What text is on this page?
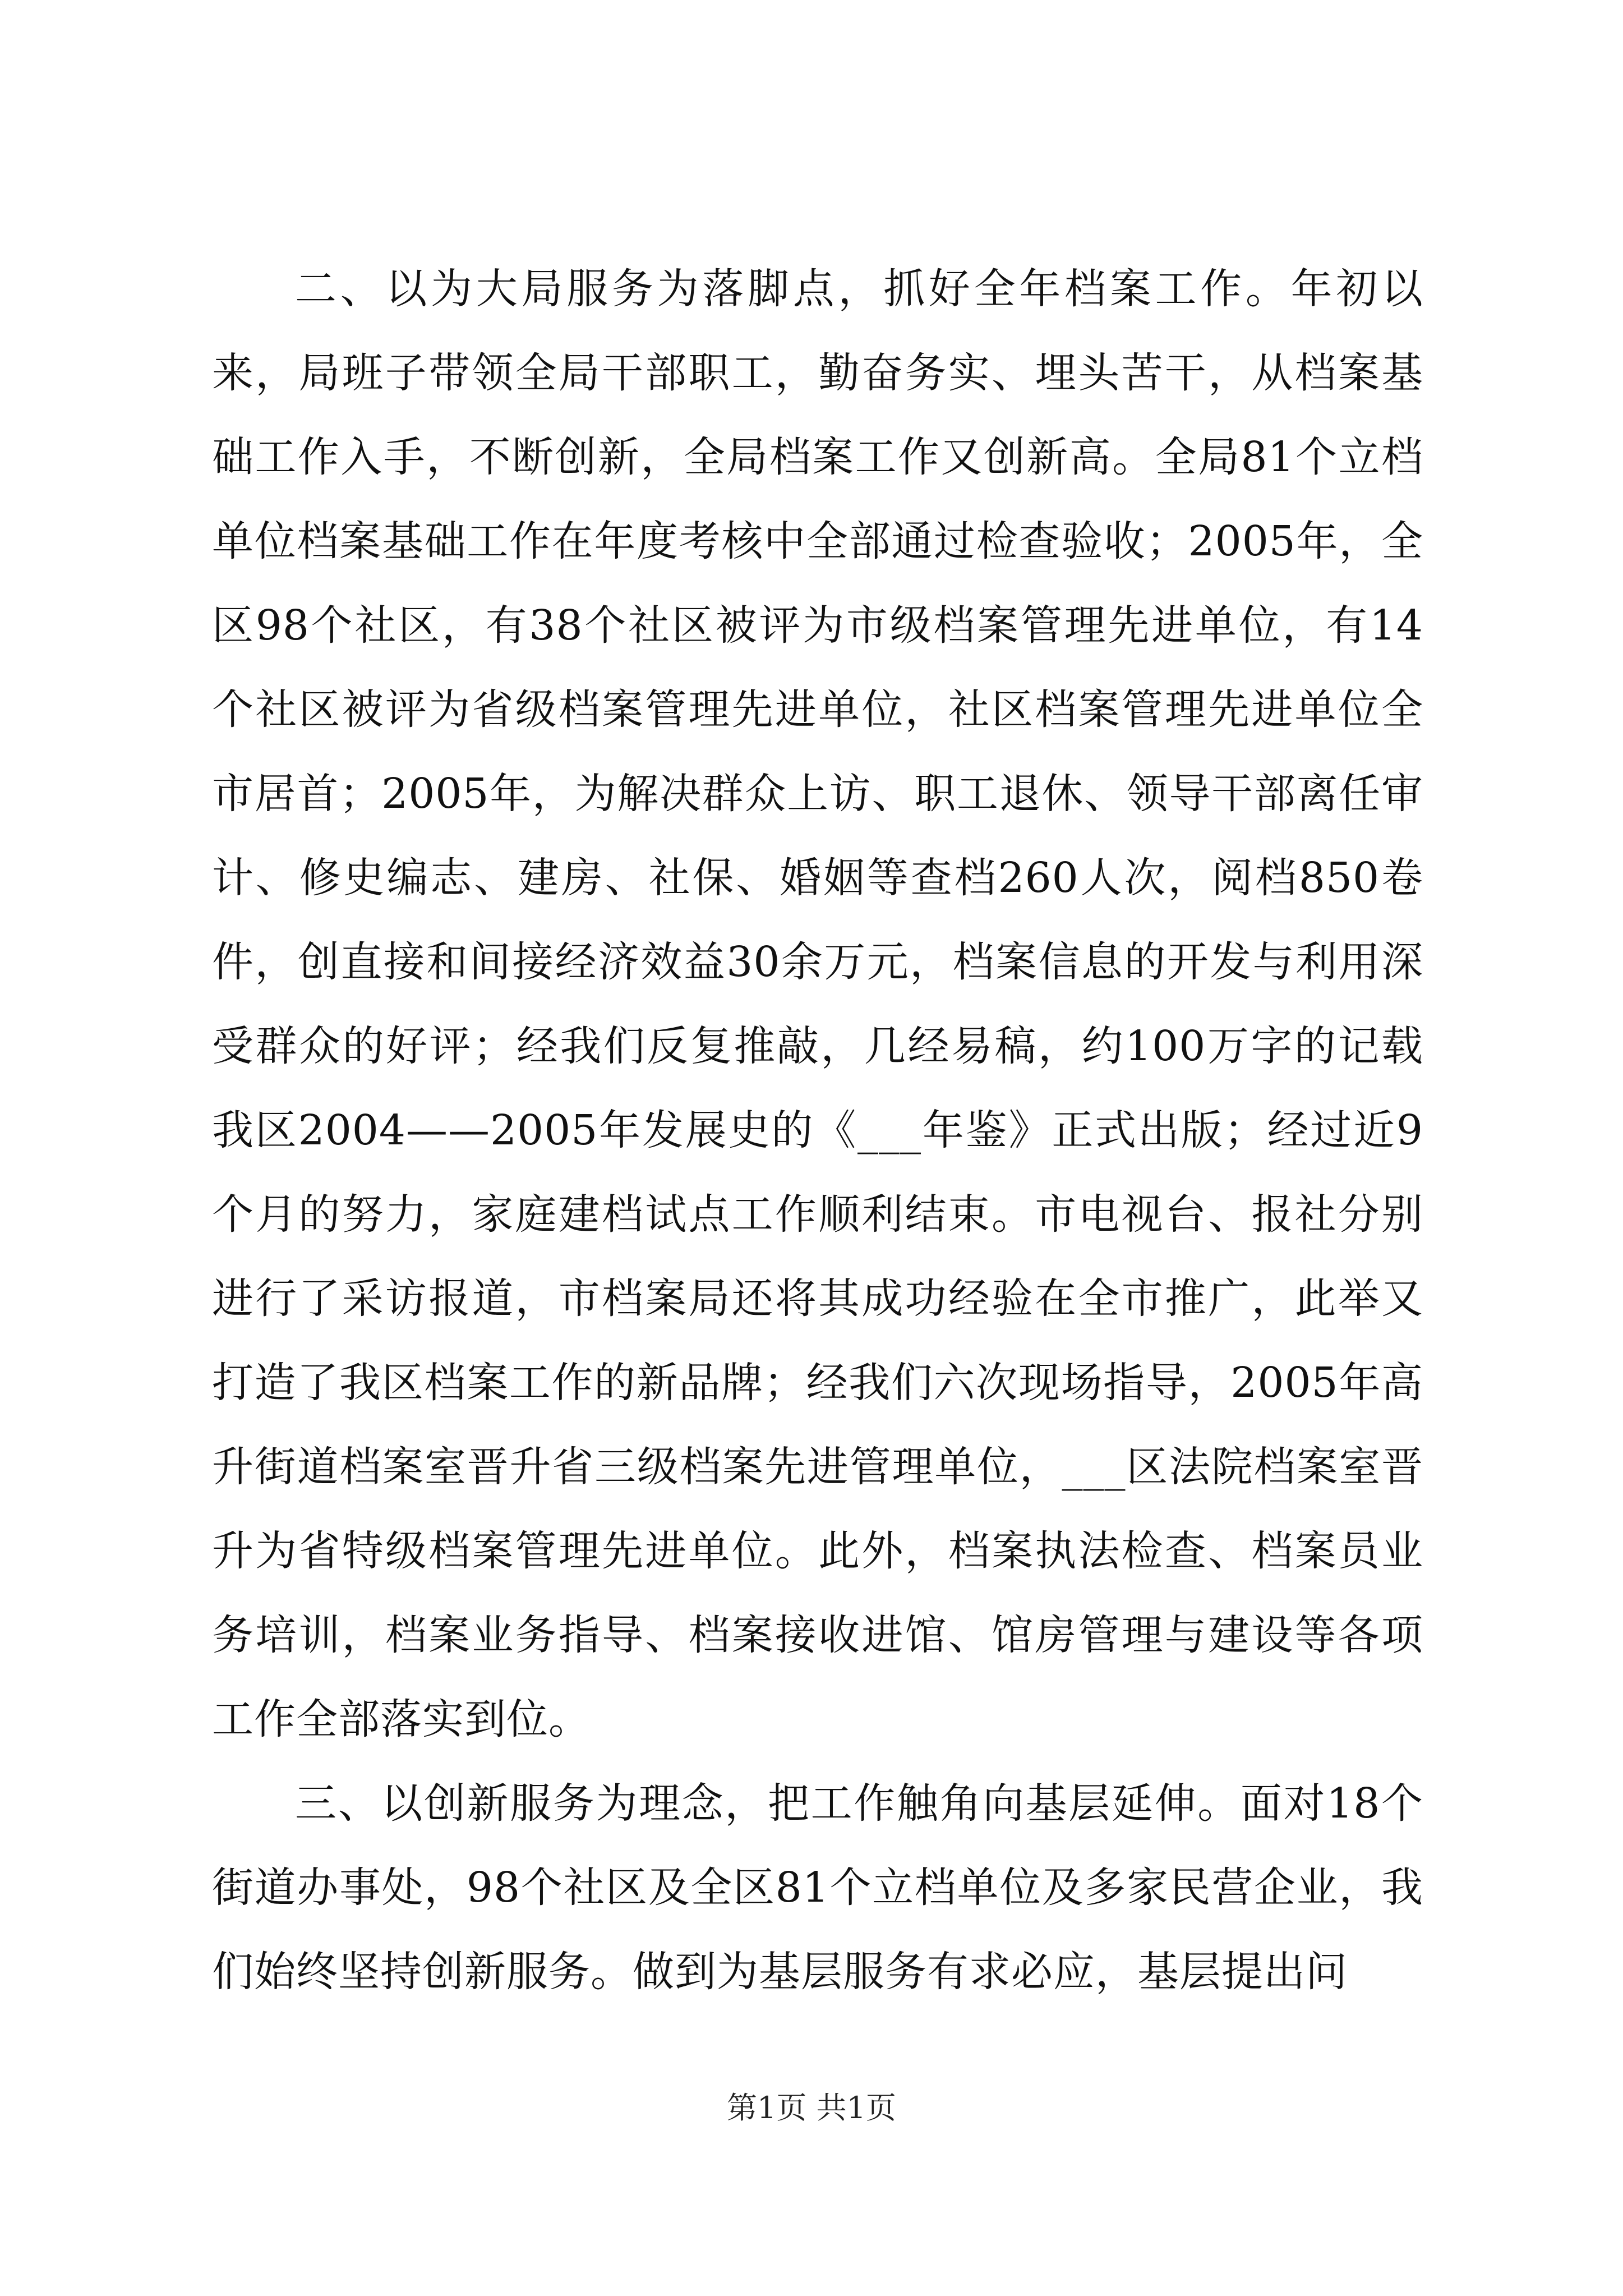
二、以为大局服务为落脚点，抓好全年档案工作。年初以来，局班子带领全局干部职工，勤奋务实、埋头苦干，从档案基础工作入手，不断创新，全局档案工作又创新高。全局81个立档单位档案基础工作在年度考核中全部通过检查验收；2005年，全区98个社区，有38个社区被评为市级档案管理先进单位，有14个社区被评为省级档案管理先进单位，社区档案管理先进单位全市居首；2005年，为解决群众上访、职工退休、领导干部离任审计、修史编志、建房、社保、婚姻等查档260人次，阅档850卷件，创直接和间接经济效益30余万元，档案信息的开发与利用深受群众的好评；经我们反复推敲，几经易稿，约100万字的记载我区2004——2005年发展史的《___年鉴》正式出版；经过近9个月的努力，家庭建档试点工作顺利结束。市电视台、报社分别进行了采访报道，市档案局还将其成功经验在全市推广，此举又打造了我区档案工作的新品牌；经我们六次现场指导，2005年高升街道档案室晋升省三级档案先进管理单位，___区法院档案室晋升为省特级档案管理先进单位。此外，档案执法检查、档案员业务培训，档案业务指导、档案接收进馆、馆房管理与建设等各项工作全部落实到位。

三、以创新服务为理念，把工作触角向基层延伸。面对18个街道办事处，98个社区及全区81个立档单位及多家民营企业，我们始终坚持创新服务。做到为基层服务有求必应，基层提出问

第1页 共1页
